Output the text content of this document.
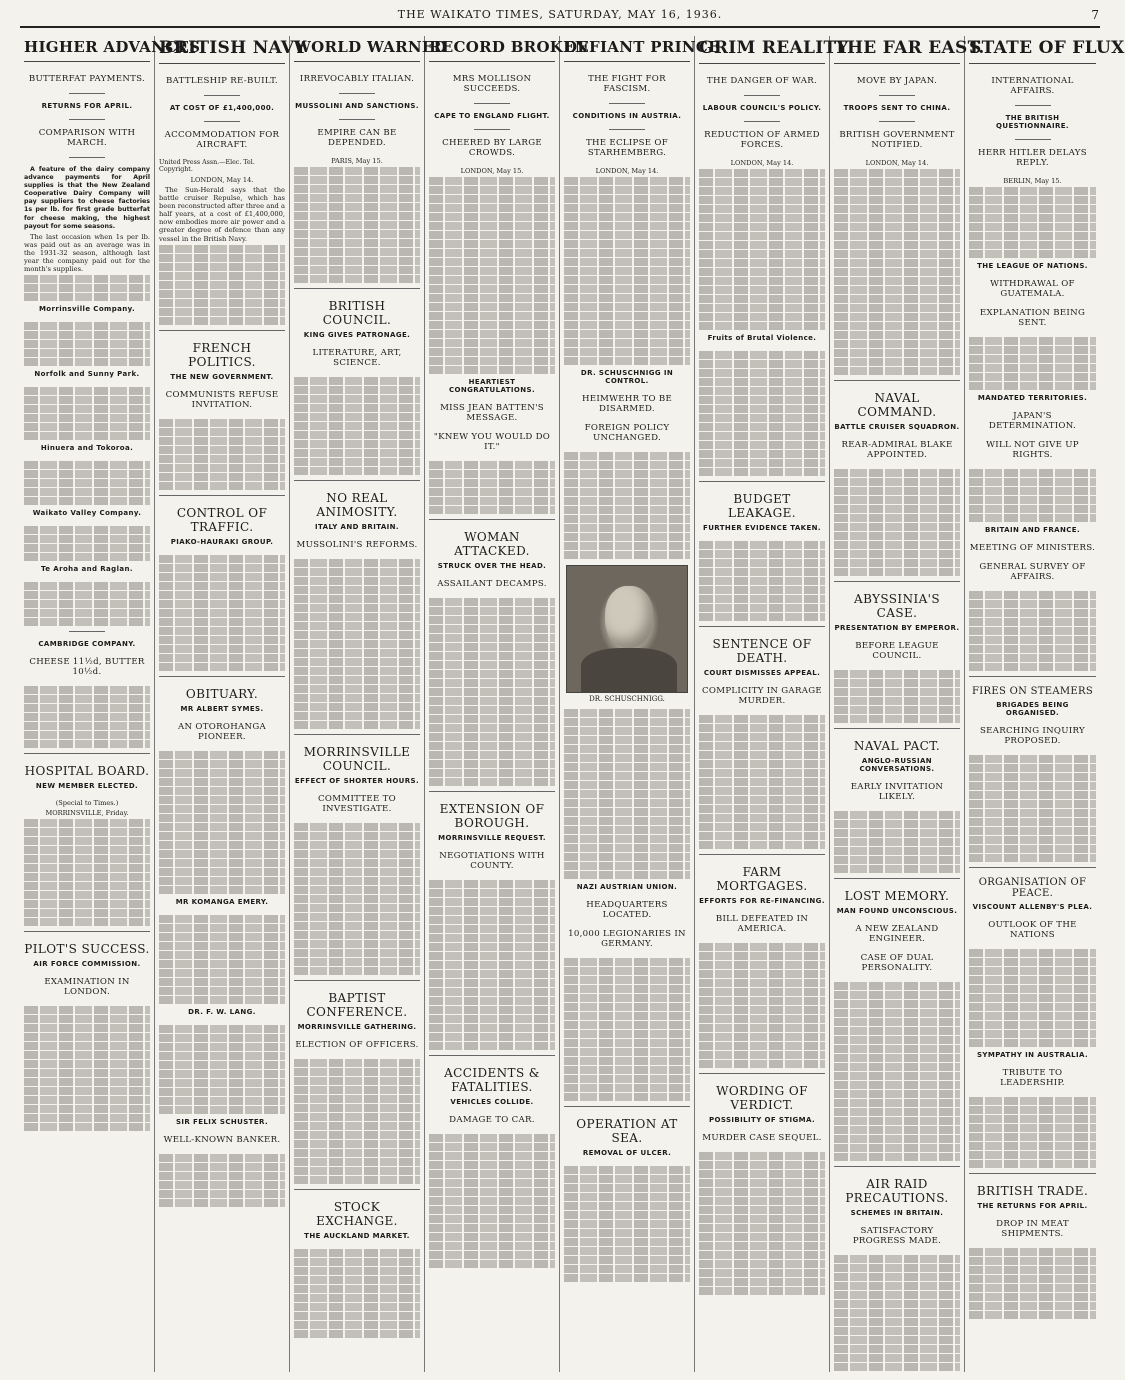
THE WAIKATO TIMES, SATURDAY, MAY 16, 1936.	7
HIGHER ADVANCES
BUTTERFAT PAYMENTS.
RETURNS FOR APRIL.
COMPARISON WITH MARCH.

A feature of the dairy company advance payments for April supplies is that the New Zealand Cooperative Dairy Company will pay suppliers to cheese factories 1s per lb. for first grade butterfat for cheese making, the highest payout for some seasons.

The last occasion when 1s per lb. was paid out as an average was in the 1931-32 season, although last year the company paid out for the month's supplies.

Morrinsville Company.
Norfolk and Sunny Park.
Hinuera and Tokoroa.
Waikato Valley Company.
Te Aroha and Raglan.
CAMBRIDGE COMPANY.
CHEESE 11½d, BUTTER 10½d.
HOSPITAL BOARD.
NEW MEMBER ELECTED.
(Special to Times.)
MORRINSVILLE, Friday.
PILOT'S SUCCESS.
AIR FORCE COMMISSION.
EXAMINATION IN LONDON.
BRITISH NAVY
BATTLESHIP RE-BUILT.
AT COST OF £1,400,000.
ACCOMMODATION FOR AIRCRAFT.
United Press Assn.—Elec. Tel. Copyright.
LONDON, May 14.

The Sun-Herald says that the battle cruiser Repulse, which has been reconstructed after three and a half years, at a cost of £1,400,000, now embodies more air power and a greater degree of defence than any vessel in the British Navy.

FRENCH POLITICS.
THE NEW GOVERNMENT.
COMMUNISTS REFUSE INVITATION.
CONTROL OF TRAFFIC.
PIAKO-HAURAKI GROUP.
OBITUARY.
MR ALBERT SYMES.
AN OTOROHANGA PIONEER.
MR KOMANGA EMERY.
DR. F. W. LANG.
SIR FELIX SCHUSTER.
WELL-KNOWN BANKER.
WORLD WARNED
IRREVOCABLY ITALIAN.
MUSSOLINI AND SANCTIONS.
EMPIRE CAN BE DEPENDED.
PARIS, May 15.
BRITISH COUNCIL.
KING GIVES PATRONAGE.
LITERATURE, ART, SCIENCE.
NO REAL ANIMOSITY.
ITALY AND BRITAIN.
MUSSOLINI'S REFORMS.
MORRINSVILLE COUNCIL.
EFFECT OF SHORTER HOURS.
COMMITTEE TO INVESTIGATE.
BAPTIST CONFERENCE.
MORRINSVILLE GATHERING.
ELECTION OF OFFICERS.
STOCK EXCHANGE.
THE AUCKLAND MARKET.
RECORD BROKEN
MRS MOLLISON SUCCEEDS.
CAPE TO ENGLAND FLIGHT.
CHEERED BY LARGE CROWDS.
LONDON, May 15.
HEARTIEST CONGRATULATIONS.
MISS JEAN BATTEN'S MESSAGE.
"KNEW YOU WOULD DO IT."
WOMAN ATTACKED.
STRUCK OVER THE HEAD.
ASSAILANT DECAMPS.
EXTENSION OF BOROUGH.
MORRINSVILLE REQUEST.
NEGOTIATIONS WITH COUNTY.
ACCIDENTS & FATALITIES.
VEHICLES COLLIDE.
DAMAGE TO CAR.
DEFIANT PRINCE
THE FIGHT FOR FASCISM.
CONDITIONS IN AUSTRIA.
THE ECLIPSE OF STARHEMBERG.
LONDON, May 14.
DR. SCHUSCHNIGG IN CONTROL.
HEIMWEHR TO BE DISARMED.
FOREIGN POLICY UNCHANGED.
DR. SCHUSCHNIGG.
NAZI AUSTRIAN UNION.
HEADQUARTERS LOCATED.
10,000 LEGIONARIES IN GERMANY.
OPERATION AT SEA.
REMOVAL OF ULCER.
GRIM REALITY
THE DANGER OF WAR.
LABOUR COUNCIL'S POLICY.
REDUCTION OF ARMED FORCES.
LONDON, May 14.
Fruits of Brutal Violence.
BUDGET LEAKAGE.
FURTHER EVIDENCE TAKEN.
SENTENCE OF DEATH.
COURT DISMISSES APPEAL.
COMPLICITY IN GARAGE MURDER.
FARM MORTGAGES.
EFFORTS FOR RE-FINANCING.
BILL DEFEATED IN AMERICA.
WORDING OF VERDICT.
POSSIBILITY OF STIGMA.
MURDER CASE SEQUEL.
THE FAR EAST.
MOVE BY JAPAN.
TROOPS SENT TO CHINA.
BRITISH GOVERNMENT NOTIFIED.
LONDON, May 14.
NAVAL COMMAND.
BATTLE CRUISER SQUADRON.
REAR-ADMIRAL BLAKE APPOINTED.
ABYSSINIA'S CASE.
PRESENTATION BY EMPEROR.
BEFORE LEAGUE COUNCIL.
NAVAL PACT.
ANGLO-RUSSIAN CONVERSATIONS.
EARLY INVITATION LIKELY.
LOST MEMORY.
MAN FOUND UNCONSCIOUS.
A NEW ZEALAND ENGINEER.
CASE OF DUAL PERSONALITY.
AIR RAID PRECAUTIONS.
SCHEMES IN BRITAIN.
SATISFACTORY PROGRESS MADE.
STATE OF FLUX
INTERNATIONAL AFFAIRS.
THE BRITISH QUESTIONNAIRE.
HERR HITLER DELAYS REPLY.
BERLIN, May 15.
THE LEAGUE OF NATIONS.
WITHDRAWAL OF GUATEMALA.
EXPLANATION BEING SENT.
MANDATED TERRITORIES.
JAPAN'S DETERMINATION.
WILL NOT GIVE UP RIGHTS.
BRITAIN AND FRANCE.
MEETING OF MINISTERS.
GENERAL SURVEY OF AFFAIRS.
FIRES ON STEAMERS
BRIGADES BEING ORGANISED.
SEARCHING INQUIRY PROPOSED.
ORGANISATION OF PEACE.
VISCOUNT ALLENBY'S PLEA.
OUTLOOK OF THE NATIONS
SYMPATHY IN AUSTRALIA.
TRIBUTE TO LEADERSHIP.
BRITISH TRADE.
THE RETURNS FOR APRIL.
DROP IN MEAT SHIPMENTS.
